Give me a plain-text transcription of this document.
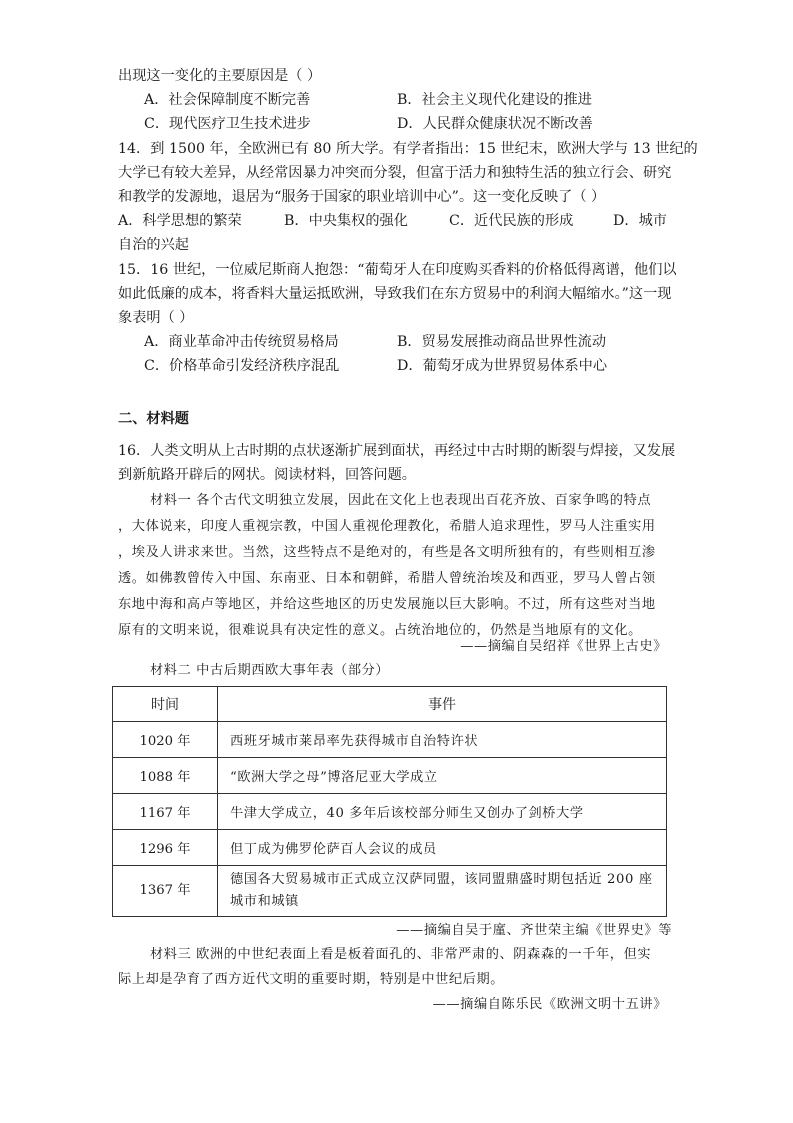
出现这一变化的主要原因是（ ）
A．社会保障制度不断完善	B．社会主义现代化建设的推进
C．现代医疗卫生技术进步	D．人民群众健康状况不断改善
14．到 1500 年，全欧洲已有 80 所大学。有学者指出：15 世纪末，欧洲大学与 13 世纪的
大学已有较大差异，从经常因暴力冲突而分裂，但富于活力和独特生活的独立行会、研究
和教学的发源地，退居为“服务于国家的职业培训中心”。这一变化反映了（ ）
A．科学思想的繁荣	B．中央集权的强化	C．近代民族的形成	D．城市
自治的兴起
15．16 世纪，一位威尼斯商人抱怨：“葡萄牙人在印度购买香料的价格低得离谱，他们以
如此低廉的成本，将香料大量运抵欧洲，导致我们在东方贸易中的利润大幅缩水。”这一现
象表明（ ）
A．商业革命冲击传统贸易格局	B．贸易发展推动商品世界性流动
C．价格革命引发经济秩序混乱	D．葡萄牙成为世界贸易体系中心
二、材料题
16．人类文明从上古时期的点状逐渐扩展到面状，再经过中古时期的断裂与焊接，又发展
到新航路开辟后的网状。阅读材料，回答问题。
材料一 各个古代文明独立发展，因此在文化上也表现出百花齐放、百家争鸣的特点
，大体说来，印度人重视宗教，中国人重视伦理教化，希腊人追求理性，罗马人注重实用
，埃及人讲求来世。当然，这些特点不是绝对的，有些是各文明所独有的，有些则相互渗
透。如佛教曾传入中国、东南亚、日本和朝鲜，希腊人曾统治埃及和西亚，罗马人曾占领
东地中海和高卢等地区，并给这些地区的历史发展施以巨大影响。不过，所有这些对当地
原有的文明来说，很难说具有决定性的意义。占统治地位的，仍然是当地原有的文化。
——摘编自吴绍祥《世界上古史》
材料二 中古后期西欧大事年表（部分）
时间	事件
1020 年	西班牙城市莱昂率先获得城市自治特许状
1088 年	“欧洲大学之母”博洛尼亚大学成立
1167 年	牛津大学成立，40 多年后该校部分师生又创办了剑桥大学
1296 年	但丁成为佛罗伦萨百人会议的成员
1367 年	德国各大贸易城市正式成立汉萨同盟，该同盟鼎盛时期包括近 200 座
城市和城镇
——摘编自吴于廑、齐世荣主编《世界史》等
材料三 欧洲的中世纪表面上看是板着面孔的、非常严肃的、阴森森的一千年，但实
际上却是孕育了西方近代文明的重要时期，特别是中世纪后期。
——摘编自陈乐民《欧洲文明十五讲》
